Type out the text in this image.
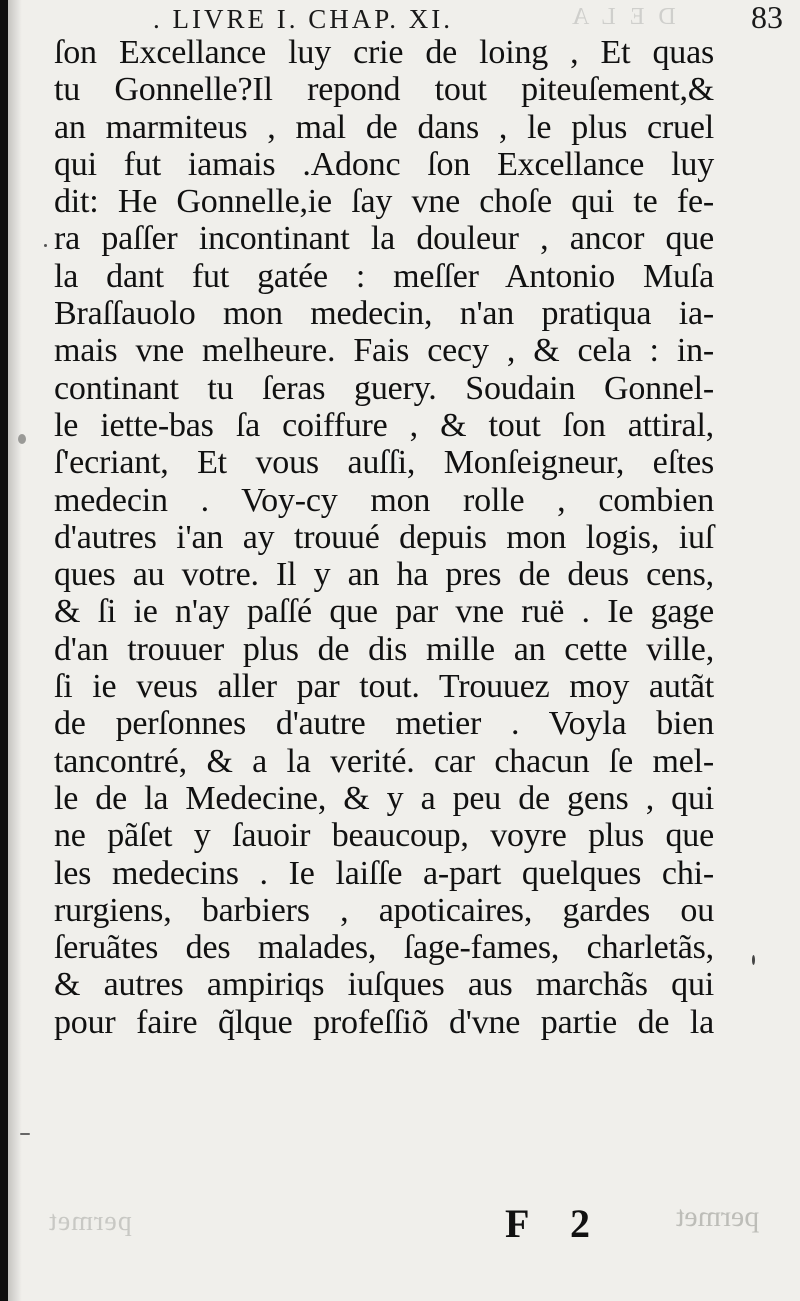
D E L A
. LIVRE I. CHAP. XI.	83
ſon Excellance luy crie de loing , Et quas
tu Gonnelle?Il repond tout piteuſement,&
an marmiteus , mal de dans , le plus cruel
qui fut iamais .Adonc ſon Excellance luy
dit: He Gonnelle,ie ſay vne choſe qui te fe-
ra paſſer incontinant la douleur , ancor que
la dant fut gatée : meſſer Antonio Muſa
Braſſauolo mon medecin, n'an pratiqua ia-
mais vne melheure. Fais cecy , & cela : in-
continant tu ſeras guery. Soudain Gonnel-
le iette-bas ſa coiffure , & tout ſon attiral,
ſ'ecriant, Et vous auſſi, Monſeigneur, eſtes
medecin . Voy-cy mon rolle , combien
d'autres i'an ay trouué depuis mon logis, iuſ
ques au votre. Il y an ha pres de deus cens,
& ſi ie n'ay paſſé que par vne ruë . Ie gage
d'an trouuer plus de dis mille an cette ville,
ſi ie veus aller par tout. Trouuez moy autãt
de perſonnes d'autre metier . Voyla bien
tancontré, & a la verité. car chacun ſe mel-
le de la Medecine, & y a peu de gens , qui
ne pãſet y ſauoir beaucoup, voyre plus que
les medecins . Ie laiſſe a-part quelques chi-
rurgiens, barbiers , apoticaires, gardes ou
ſeruãtes des malades, ſage-fames, charletãs,
& autres ampiriqs iuſques aus marchãs qui
pour faire q̃lque profeſſiõ d'vne partie de la
permet	F 2 permet
